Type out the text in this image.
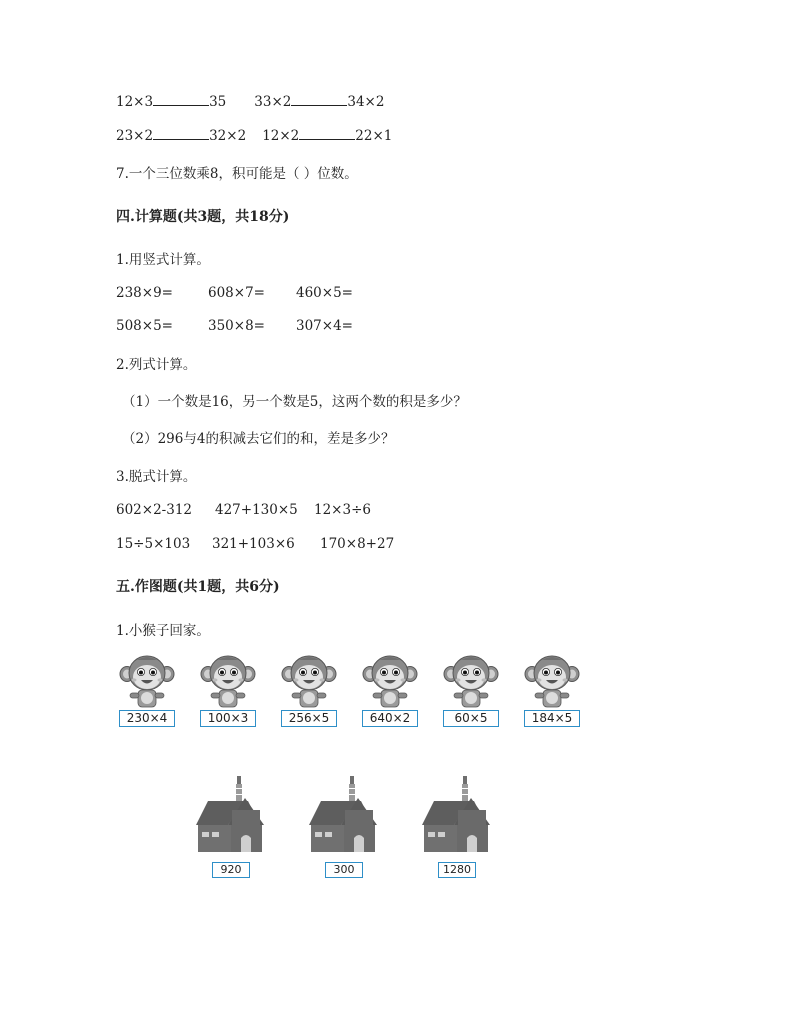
12×3	35 33×2	34×2
23×2	32×2 12×2	22×1
7.一个三位数乘8，积可能是（ ）位数。
四.计算题(共3题，共18分)
1.用竖式计算。
238×9=	608×7= 460×5=
508×5=	350×8= 307×4=
2.列式计算。
（1）一个数是16，另一个数是5，这两个数的积是多少？
（2）296与4的积减去它们的和，差是多少？
3.脱式计算。
602×2-312 427+130×5 12×3÷6
15÷5×103 321+103×6 170×8+27
五.作图题(共1题，共6分)
1.小猴子回家。
230×4	100×3	256×5	640×2	60×5	184×5
920	300	1280
